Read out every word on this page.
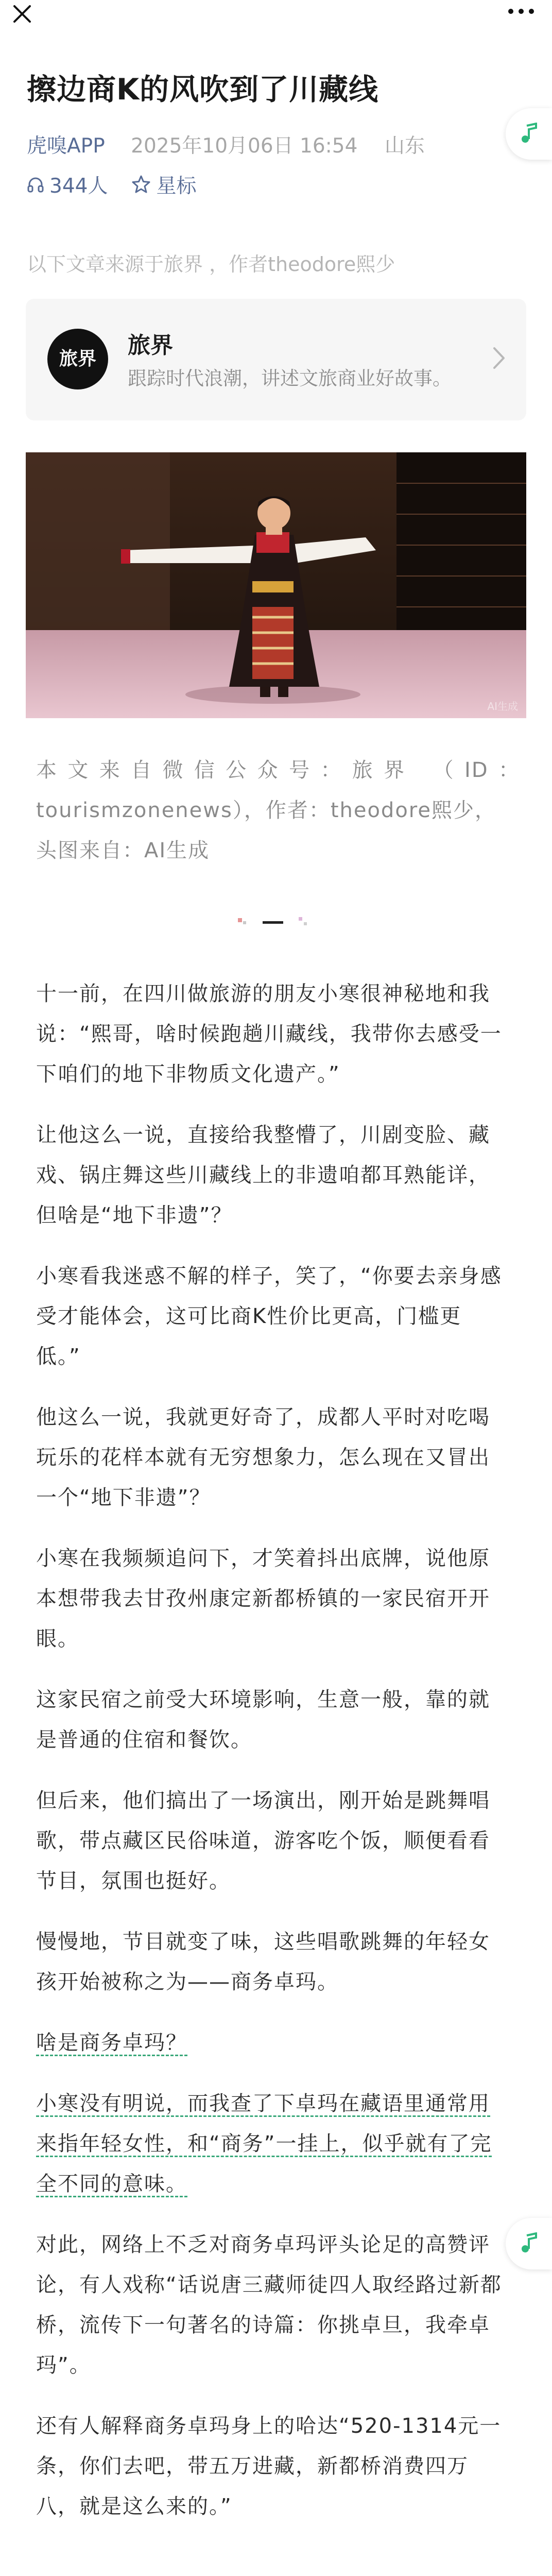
擦边商K的风吹到了川藏线
虎嗅APP 2025年10月06日 16:54 山东
344人 星标
以下文章来源于旅界 ，作者theodore熙少
旅界
旅界
跟踪时代浪潮，讲述文旅商业好故事。
AI生成
本文来自微信公众号：旅界 （ID：
tourismzonenews），作者：theodore熙少，
头图来自：AI生成
十一前，在四川做旅游的朋友小寒很神秘地和我
说：“熙哥，啥时候跑趟川藏线，我带你去感受一
下咱们的地下非物质文化遗产。”
让他这么一说，直接给我整懵了，川剧变脸、藏
戏、锅庄舞这些川藏线上的非遗咱都耳熟能详，
但啥是“地下非遗”？
小寒看我迷惑不解的样子，笑了，“你要去亲身感
受才能体会，这可比商K性价比更高，门槛更
低。”
他这么一说，我就更好奇了，成都人平时对吃喝
玩乐的花样本就有无穷想象力，怎么现在又冒出
一个“地下非遗”？
小寒在我频频追问下，才笑着抖出底牌，说他原
本想带我去甘孜州康定新都桥镇的一家民宿开开
眼。
这家民宿之前受大环境影响，生意一般，靠的就
是普通的住宿和餐饮。
但后来，他们搞出了一场演出，刚开始是跳舞唱
歌，带点藏区民俗味道，游客吃个饭，顺便看看
节目，氛围也挺好。
慢慢地，节目就变了味，这些唱歌跳舞的年轻女
孩开始被称之为——商务卓玛。
啥是商务卓玛？
小寒没有明说，而我查了下卓玛在藏语里通常用
来指年轻女性，和“商务”一挂上，似乎就有了完
全不同的意味。
对此，网络上不乏对商务卓玛评头论足的高赞评
论，有人戏称“话说唐三藏师徒四人取经路过新都
桥，流传下一句著名的诗篇：你挑卓旦，我牵卓
玛”。
还有人解释商务卓玛身上的哈达“520-1314元一
条，你们去吧，带五万进藏，新都桥消费四万
八，就是这么来的。”
